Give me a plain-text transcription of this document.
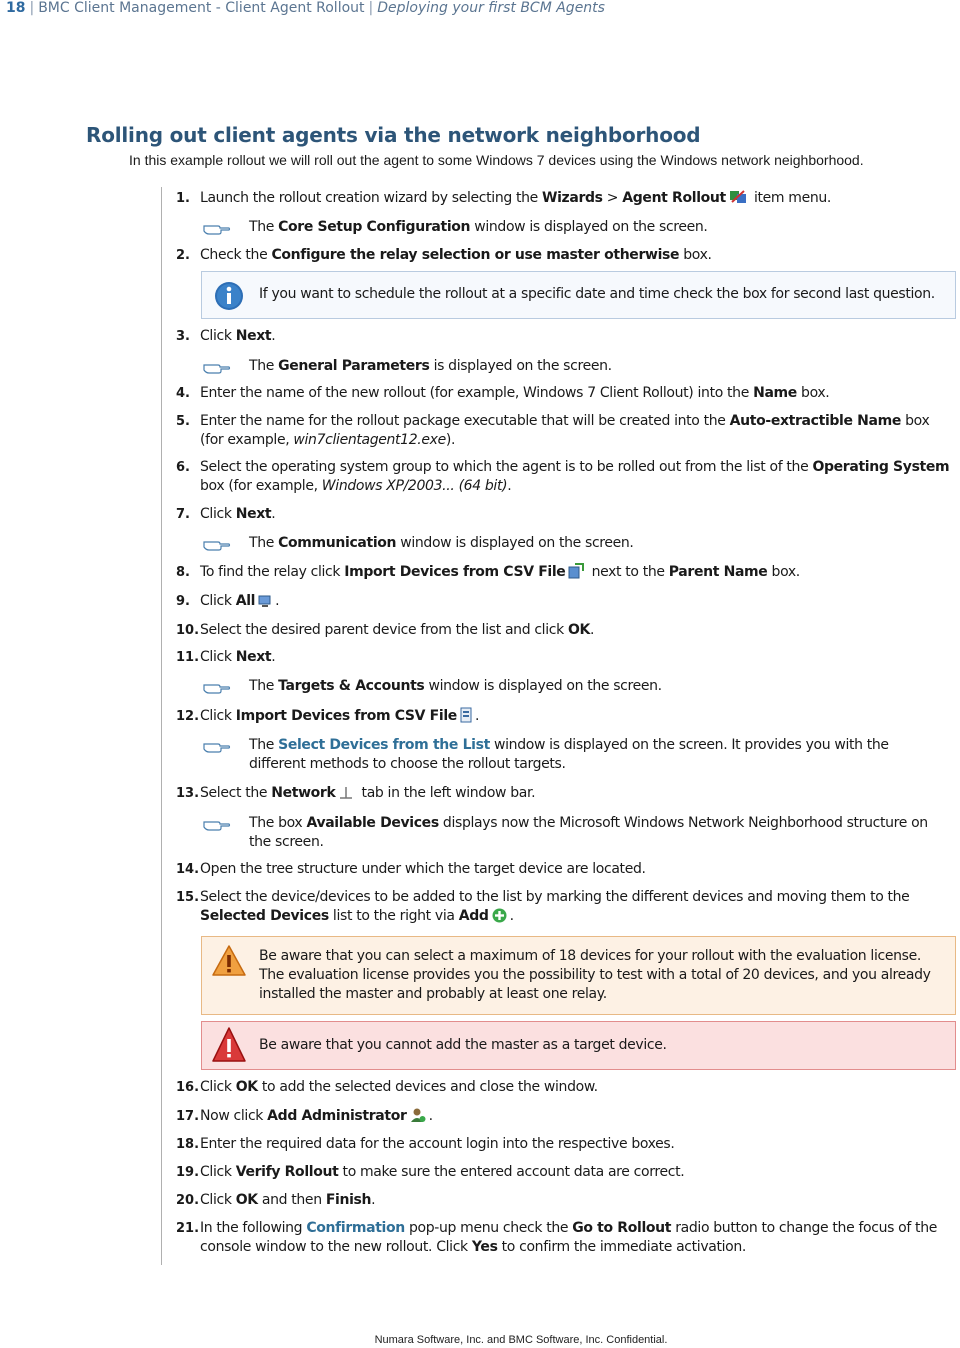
18 | BMC Client Management - Client Agent Rollout | Deploying your first BCM Agents
Rolling out client agents via the network neighborhood
In this example rollout we will roll out the agent to some Windows 7 devices using the Windows network neighborhood.
1. Launch the rollout creation wizard by selecting the Wizards > Agent Rollout item menu.
The Core Setup Configuration window is displayed on the screen.
2. Check the Configure the relay selection or use master otherwise box.
If you want to schedule the rollout at a specific date and time check the box for second last question.
3. Click Next.
The General Parameters is displayed on the screen.
4. Enter the name of the new rollout (for example, Windows 7 Client Rollout) into the Name box.
5. Enter the name for the rollout package executable that will be created into the Auto-extractible Name box (for example, win7clientagent12.exe).
6. Select the operating system group to which the agent is to be rolled out from the list of the Operating System box (for example, Windows XP/2003... (64 bit).
7. Click Next.
The Communication window is displayed on the screen.
8. To find the relay click Import Devices from CSV File next to the Parent Name box.
9. Click All .
10. Select the desired parent device from the list and click OK.
11. Click Next.
The Targets & Accounts window is displayed on the screen.
12. Click Import Devices from CSV File .
The Select Devices from the List window is displayed on the screen. It provides you with the different methods to choose the rollout targets.
13. Select the Network tab in the left window bar.
The box Available Devices displays now the Microsoft Windows Network Neighborhood structure on the screen.
14. Open the tree structure under which the target device are located.
15. Select the device/devices to be added to the list by marking the different devices and moving them to the Selected Devices list to the right via Add .
Be aware that you can select a maximum of 18 devices for your rollout with the evaluation license. The evaluation license provides you the possibility to test with a total of 20 devices, and you already installed the master and probably at least one relay.
Be aware that you cannot add the master as a target device.
16. Click OK to add the selected devices and close the window.
17. Now click Add Administrator .
18. Enter the required data for the account login into the respective boxes.
19. Click Verify Rollout to make sure the entered account data are correct.
20. Click OK and then Finish.
21. In the following Confirmation pop-up menu check the Go to Rollout radio button to change the focus of the console window to the new rollout. Click Yes to confirm the immediate activation.
Numara Software, Inc. and BMC Software, Inc. Confidential.
